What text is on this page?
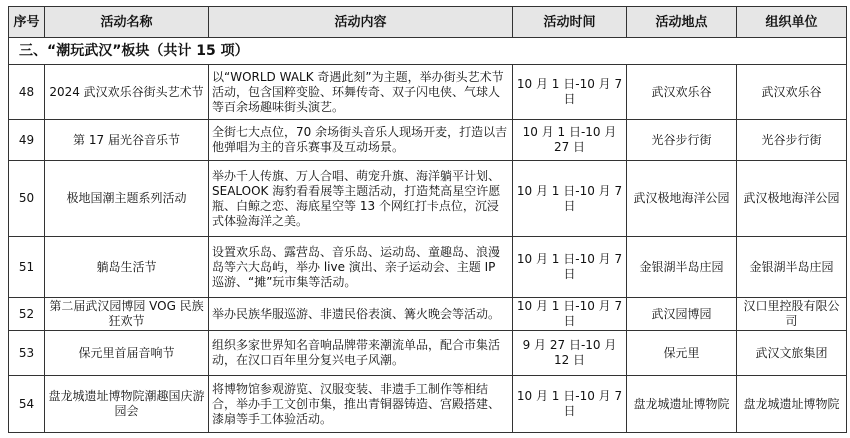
序号	活动名称	活动内容	活动时间	活动地点	组织单位
三、“潮玩武汉”板块（共计 15 项）					
48	2024 武汉欢乐谷街头艺术节	以“WORLD WALK 奇遇此刻”为主题，举办街头艺术节活动，包含国粹变脸、环舞传奇、双子闪电侠、气球人等百余场趣味街头演艺。	10 月 1 日-10 月 7 日	武汉欢乐谷	武汉欢乐谷
49	第 17 届光谷音乐节	全街七大点位，70 余场街头音乐人现场开麦，打造以吉他弹唱为主的音乐赛事及互动场景。	10 月 1 日-10 月 27 日	光谷步行街	光谷步行街
50	极地国潮主题系列活动	举办千人传旗、万人合唱、萌宠升旗、海洋躺平计划、SEALOOK 海豹看看展等主题活动，打造梵高星空许愿瓶、白鲸之恋、海底星空等 13 个网红打卡点位，沉浸式体验海洋之美。	10 月 1 日-10 月 7 日	武汉极地海洋公园	武汉极地海洋公园
51	躺岛生活节	设置欢乐岛、露营岛、音乐岛、运动岛、童趣岛、浪漫岛等六大岛屿，举办 live 演出、亲子运动会、主题 IP 巡游、“摊”玩市集等活动。	10 月 1 日-10 月 7 日	金银湖半岛庄园	金银湖半岛庄园
52	第二届武汉园博园 VOG 民族狂欢节	举办民族华服巡游、非遗民俗表演、篝火晚会等活动。	10 月 1 日-10 月 7 日	武汉园博园	汉口里控股有限公司
53	保元里首届音响节	组织多家世界知名音响品牌带来潮流单品，配合市集活动，在汉口百年里分复兴电子风潮。	9 月 27 日-10 月 12 日	保元里	武汉文旅集团
54	盘龙城遗址博物院潮趣国庆游园会	将博物馆参观游览、汉服变装、非遗手工制作等相结合，举办手工文创市集，推出青铜器铸造、宫殿搭建、漆扇等手工体验活动。	10 月 1 日-10 月 7 日	盘龙城遗址博物院	盘龙城遗址博物院
